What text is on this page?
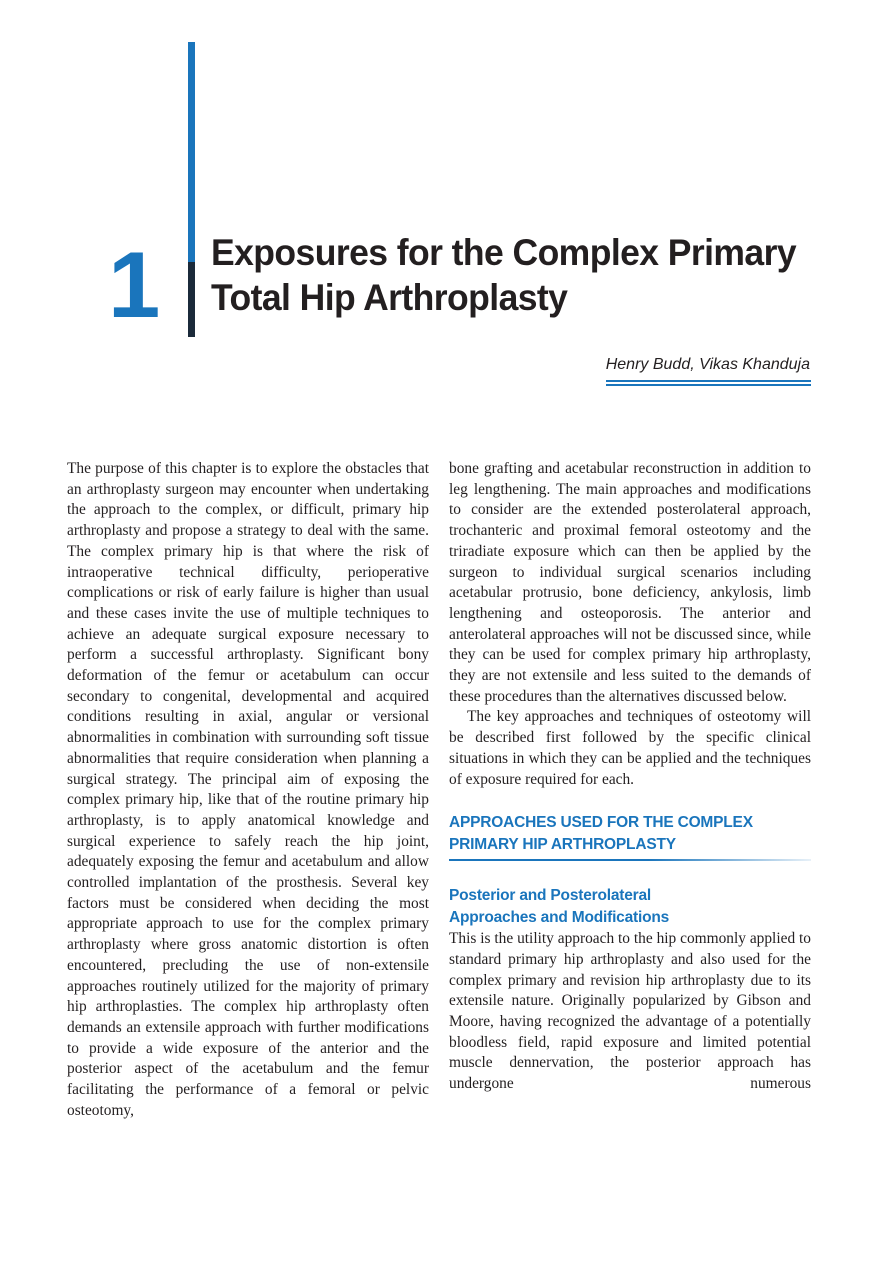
1 Exposures for the Complex Primary
Total Hip Arthroplasty
Henry Budd, Vikas Khanduja

The purpose of this chapter is to explore the obstacles that an arthroplasty surgeon may encounter when undertaking the approach to the complex, or difficult, primary hip arthroplasty and propose a strategy to deal with the same. The complex primary hip is that where the risk of intraoperative technical difficulty, perioperative complications or risk of early failure is higher than usual and these cases invite the use of multiple techniques to achieve an adequate surgical exposure necessary to perform a successful arthroplasty. Significant bony deformation of the femur or acetabulum can occur secondary to congenital, developmental and acquired conditions resulting in axial, angular or versional abnormalities in combination with surrounding soft tissue abnormalities that require consideration when planning a surgical strategy. The principal aim of exposing the complex primary hip, like that of the routine primary hip arthroplasty, is to apply anatomical knowledge and surgical experience to safely reach the hip joint, adequately exposing the femur and acetabulum and allow controlled implantation of the prosthesis. Several key factors must be considered when deciding the most appropriate approach to use for the complex primary arthroplasty where gross anatomic distortion is often encountered, precluding the use of non-extensile approaches routinely utilized for the majority of primary hip arthroplasties. The complex hip arthroplasty often demands an extensile approach with further modifications to provide a wide exposure of the anterior and the posterior aspect of the acetabulum and the femur facilitating the performance of a femoral or pelvic osteotomy,

bone grafting and acetabular reconstruction in addition to leg lengthening. The main approaches and modifications to consider are the extended posterolateral approach, trochanteric and proximal femoral osteotomy and the triradiate exposure which can then be applied by the surgeon to individual surgical scenarios including acetabular protrusio, bone deficiency, ankylosis, limb lengthening and osteoporosis. The anterior and anterolateral approaches will not be discussed since, while they can be used for complex primary hip arthroplasty, they are not extensile and less suited to the demands of these procedures than the alternatives discussed below.

The key approaches and techniques of osteotomy will be described first followed by the specific clinical situations in which they can be applied and the techniques of exposure required for each.

APPROACHES USED FOR THE COMPLEX
PRIMARY HIP ARTHROPLASTY
Posterior and Posterolateral
Approaches and Modifications

This is the utility approach to the hip commonly applied to standard primary hip arthroplasty and also used for the complex primary and revision hip arthroplasty due to its extensile nature. Originally popularized by Gibson and Moore, having recognized the advantage of a potentially bloodless field, rapid exposure and limited potential muscle dennervation, the posterior approach has undergone numerous
